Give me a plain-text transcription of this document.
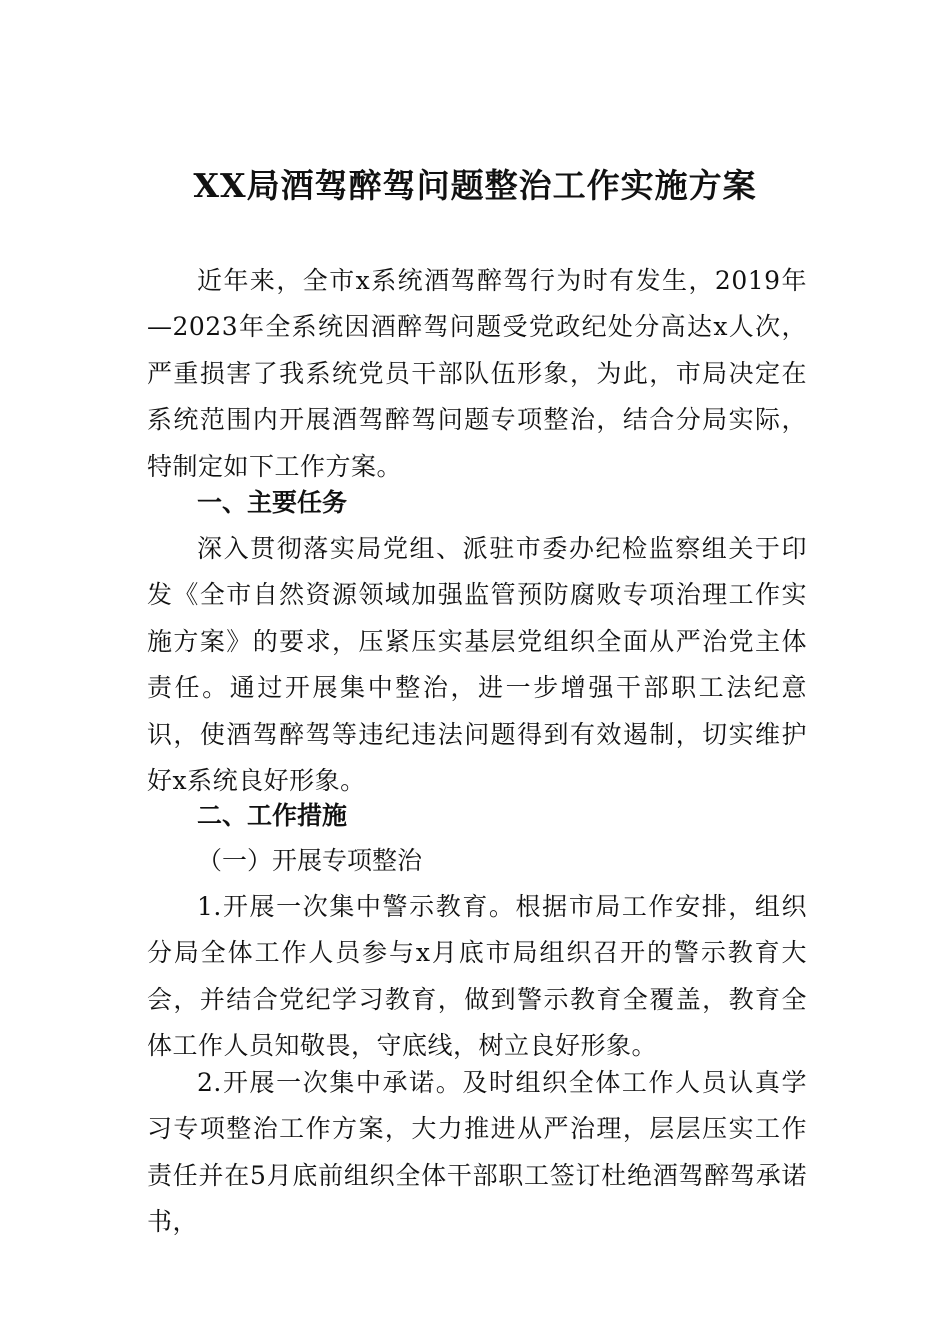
XX局酒驾醉驾问题整治工作实施方案

近年来，全市x系统酒驾醉驾行为时有发生，2019年—2023年全系统因酒醉驾问题受党政纪处分高达x人次，严重损害了我系统党员干部队伍形象，为此，市局决定在系统范围内开展酒驾醉驾问题专项整治，结合分局实际，特制定如下工作方案。

一、主要任务

深入贯彻落实局党组、派驻市委办纪检监察组关于印发《全市自然资源领域加强监管预防腐败专项治理工作实施方案》的要求，压紧压实基层党组织全面从严治党主体责任。通过开展集中整治，进一步增强干部职工法纪意识，使酒驾醉驾等违纪违法问题得到有效遏制，切实维护好x系统良好形象。

二、工作措施

（一）开展专项整治

1.开展一次集中警示教育。根据市局工作安排，组织分局全体工作人员参与x月底市局组织召开的警示教育大会，并结合党纪学习教育，做到警示教育全覆盖，教育全体工作人员知敬畏，守底线，树立良好形象。

2.开展一次集中承诺。及时组织全体工作人员认真学习专项整治工作方案，大力推进从严治理，层层压实工作责任并在5月底前组织全体干部职工签订杜绝酒驾醉驾承诺书，
